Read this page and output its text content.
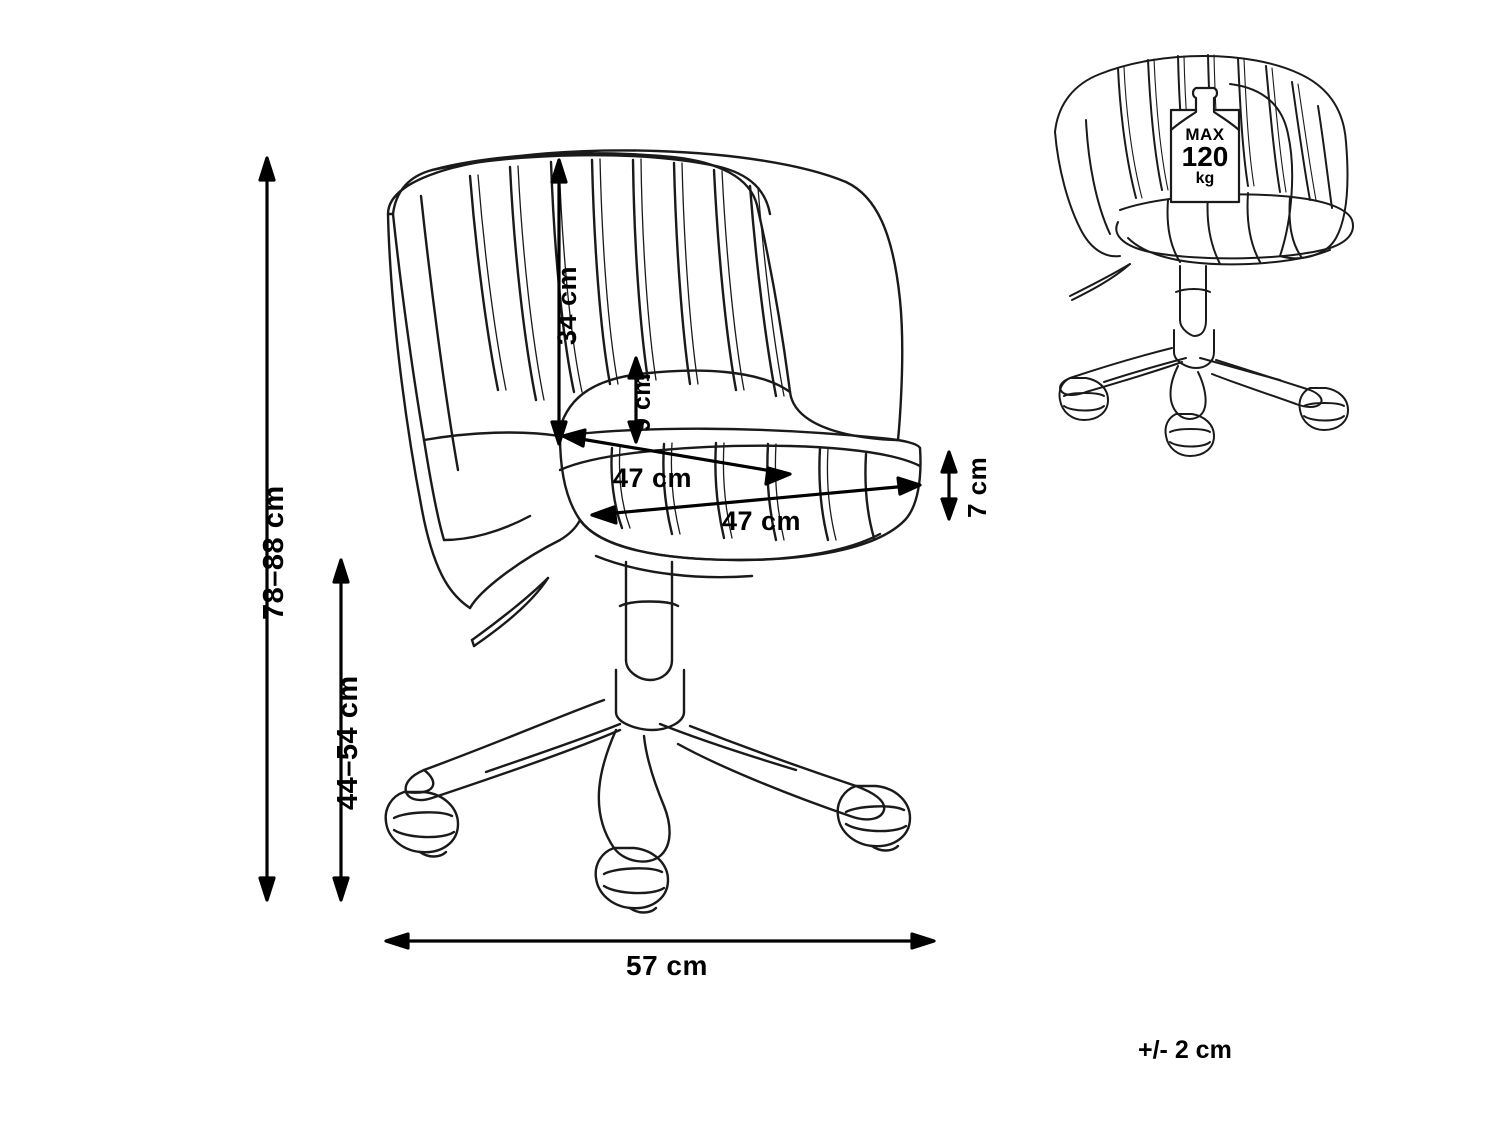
78–88 cm
44–54 cm
34 cm
9 cm
47 cm
47 cm
7 cm
57 cm
MAX
120
kg
+/- 2 cm
